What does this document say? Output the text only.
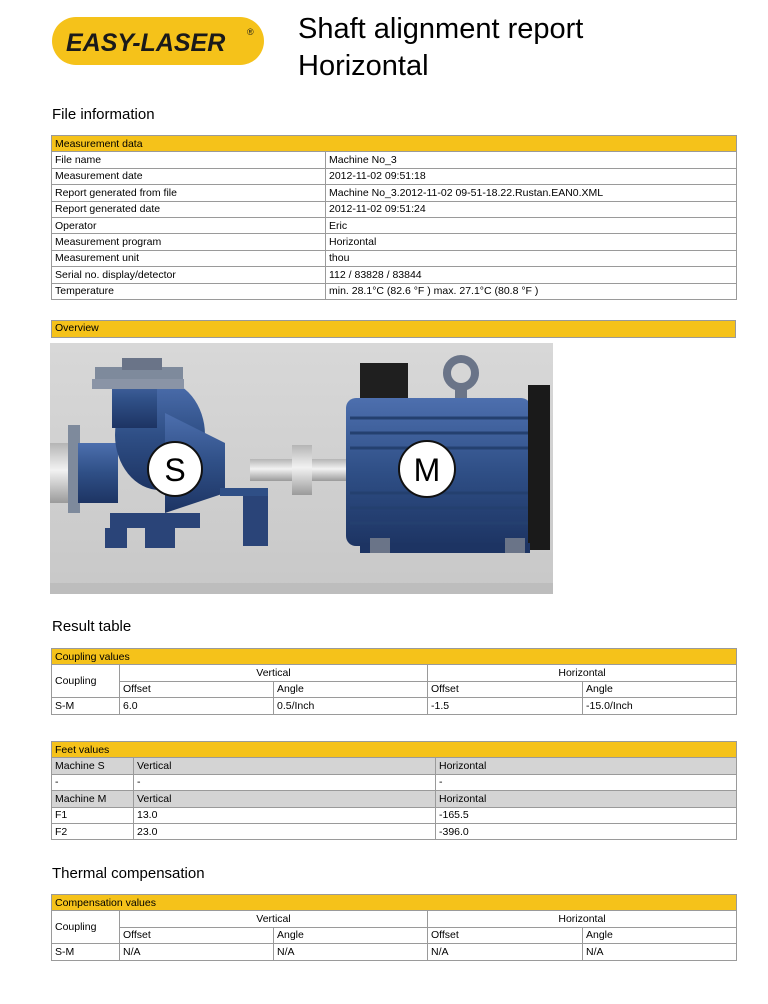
EASY-LASER ® Shaft alignment report
Horizontal
File information
Measurement data	
File name	Machine No_3
Measurement date	2012-11-02 09:51:18
Report generated from file	Machine No_3.2012-11-02 09-51-18.22.Rustan.EAN0.XML
Report generated date	2012-11-02 09:51:24
Operator	Eric
Measurement program	Horizontal
Measurement unit	thou
Serial no. display/detector	112 / 83828 / 83844
Temperature	min. 28.1°C (82.6 °F ) max. 27.1°C (80.8 °F )
Overview
S	M
Result table
Coupling values				
Coupling	Vertical		Horizontal	
	Offset	Angle	Offset	Angle
S-M	6.0	0.5/Inch	-1.5	-15.0/Inch
Feet values		
Machine S	Vertical	Horizontal
-	-	-
Machine M	Vertical	Horizontal
F1	13.0	-165.5
F2	23.0	-396.0
Thermal compensation
Compensation values				
Coupling	Vertical		Horizontal	
	Offset	Angle	Offset	Angle
S-M	N/A	N/A	N/A	N/A
